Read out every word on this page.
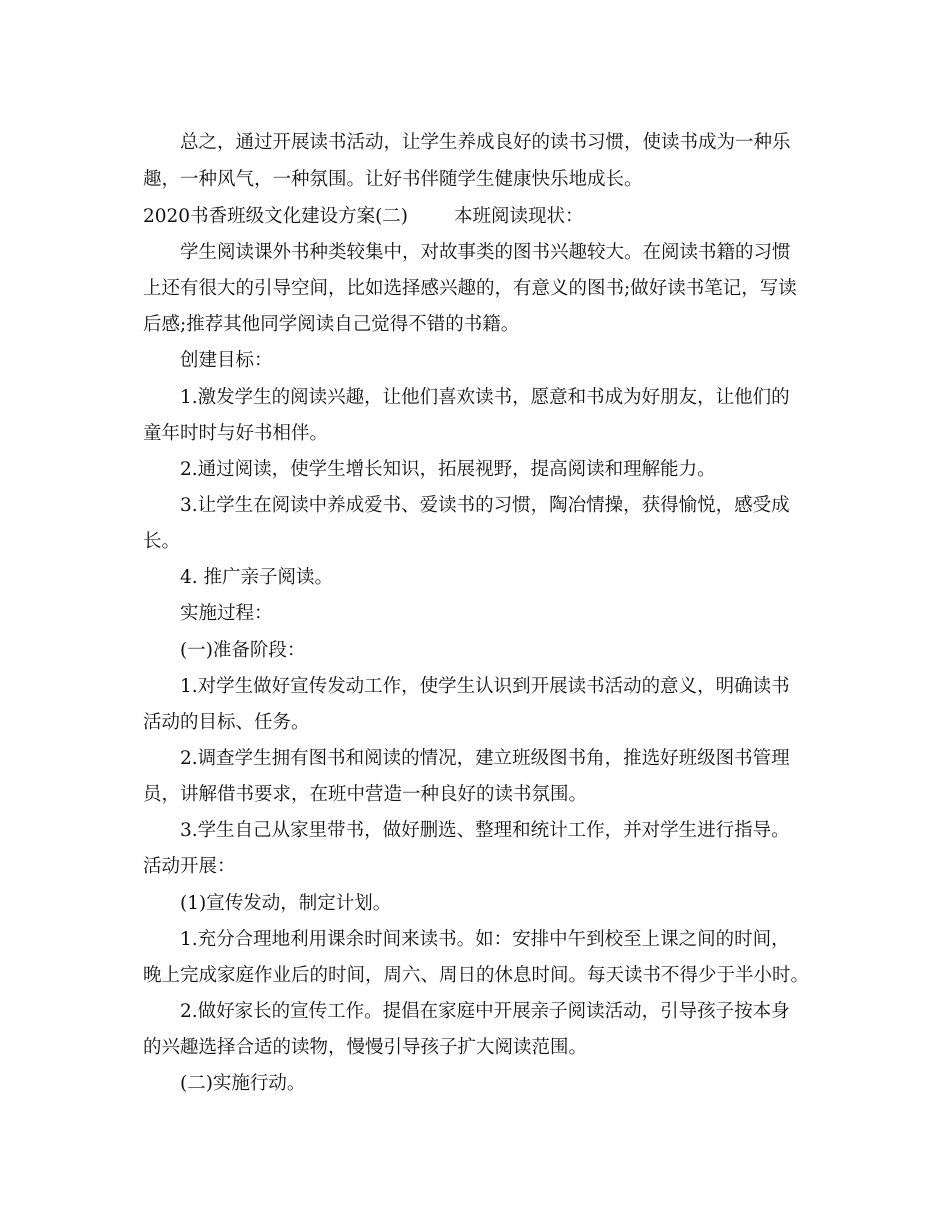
总之，通过开展读书活动，让学生养成良好的读书习惯，使读书成为一种乐
趣，一种风气，一种氛围。让好书伴随学生健康快乐地成长。
2020书香班级文化建设方案(二) 本班阅读现状：
学生阅读课外书种类较集中，对故事类的图书兴趣较大。在阅读书籍的习惯
上还有很大的引导空间，比如选择感兴趣的，有意义的图书;做好读书笔记，写读
后感;推荐其他同学阅读自己觉得不错的书籍。
创建目标：
1.激发学生的阅读兴趣，让他们喜欢读书，愿意和书成为好朋友，让他们的
童年时时与好书相伴。
2.通过阅读，使学生增长知识，拓展视野，提高阅读和理解能力。
3.让学生在阅读中养成爱书、爱读书的习惯，陶冶情操，获得愉悦，感受成
长。
4. 推广亲子阅读。
实施过程：
(一)准备阶段：
1.对学生做好宣传发动工作，使学生认识到开展读书活动的意义，明确读书
活动的目标、任务。
2.调查学生拥有图书和阅读的情况，建立班级图书角，推选好班级图书管理
员，讲解借书要求，在班中营造一种良好的读书氛围。
3.学生自己从家里带书，做好删选、整理和统计工作，并对学生进行指导。
活动开展：
(1)宣传发动，制定计划。
1.充分合理地利用课余时间来读书。如：安排中午到校至上课之间的时间，
晚上完成家庭作业后的时间，周六、周日的休息时间。每天读书不得少于半小时。
2.做好家长的宣传工作。提倡在家庭中开展亲子阅读活动，引导孩子按本身
的兴趣选择合适的读物，慢慢引导孩子扩大阅读范围。
(二)实施行动。
